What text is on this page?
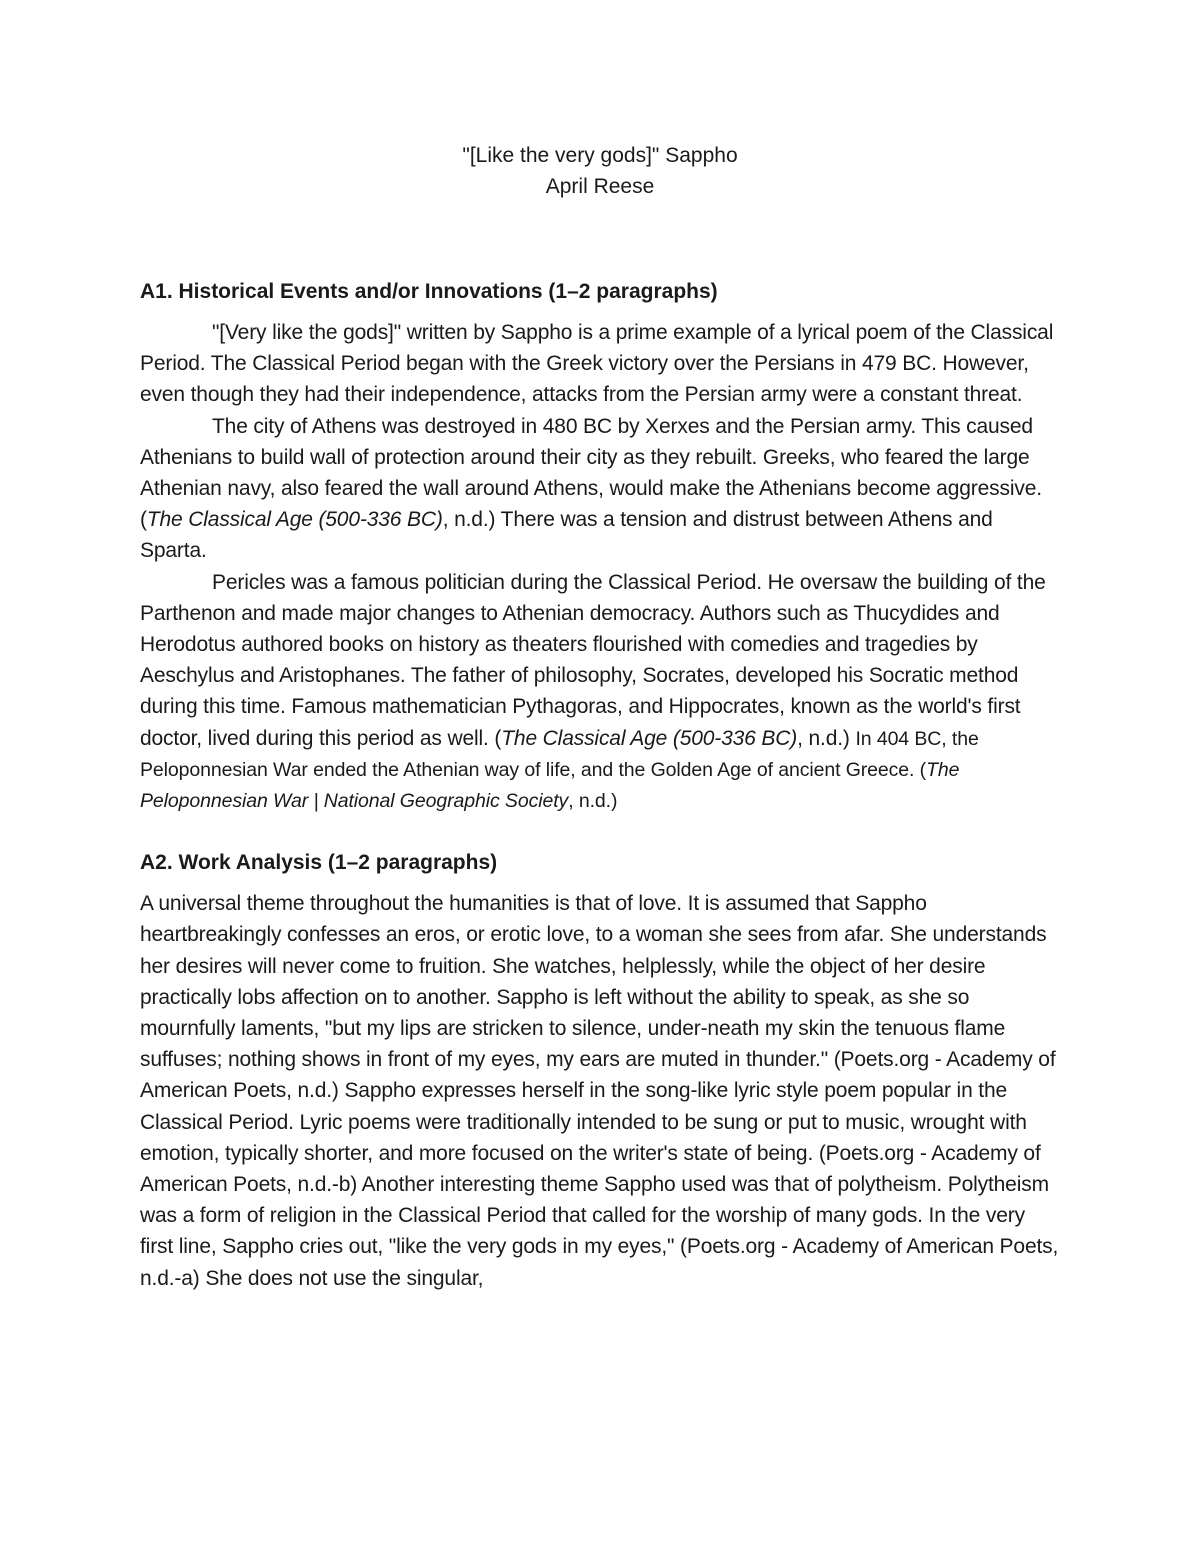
"[Like the very gods]" Sappho
April Reese
A1. Historical Events and/or Innovations (1–2 paragraphs)

"[Very like the gods]" written by Sappho is a prime example of a lyrical poem of the Classical Period. The Classical Period began with the Greek victory over the Persians in 479 BC. However, even though they had their independence, attacks from the Persian army were a constant threat.

The city of Athens was destroyed in 480 BC by Xerxes and the Persian army. This caused Athenians to build wall of protection around their city as they rebuilt. Greeks, who feared the large Athenian navy, also feared the wall around Athens, would make the Athenians become aggressive. (The Classical Age (500-336 BC), n.d.) There was a tension and distrust between Athens and Sparta.

Pericles was a famous politician during the Classical Period. He oversaw the building of the Parthenon and made major changes to Athenian democracy. Authors such as Thucydides and Herodotus authored books on history as theaters flourished with comedies and tragedies by Aeschylus and Aristophanes. The father of philosophy, Socrates, developed his Socratic method during this time. Famous mathematician Pythagoras, and Hippocrates, known as the world's first doctor, lived during this period as well. (The Classical Age (500-336 BC), n.d.) In 404 BC, the Peloponnesian War ended the Athenian way of life, and the Golden Age of ancient Greece. (The Peloponnesian War | National Geographic Society, n.d.)

A2. Work Analysis (1–2 paragraphs)

A universal theme throughout the humanities is that of love. It is assumed that Sappho heartbreakingly confesses an eros, or erotic love, to a woman she sees from afar. She understands her desires will never come to fruition. She watches, helplessly, while the object of her desire practically lobs affection on to another. Sappho is left without the ability to speak, as she so mournfully laments, "but my lips are stricken to silence, under-neath my skin the tenuous flame suffuses; nothing shows in front of my eyes, my ears are muted in thunder." (Poets.org - Academy of American Poets, n.d.) Sappho expresses herself in the song-like lyric style poem popular in the Classical Period. Lyric poems were traditionally intended to be sung or put to music, wrought with emotion, typically shorter, and more focused on the writer's state of being. (Poets.org - Academy of American Poets, n.d.-b) Another interesting theme Sappho used was that of polytheism. Polytheism was a form of religion in the Classical Period that called for the worship of many gods. In the very first line, Sappho cries out, "like the very gods in my eyes," (Poets.org - Academy of American Poets, n.d.-a) She does not use the singular,
